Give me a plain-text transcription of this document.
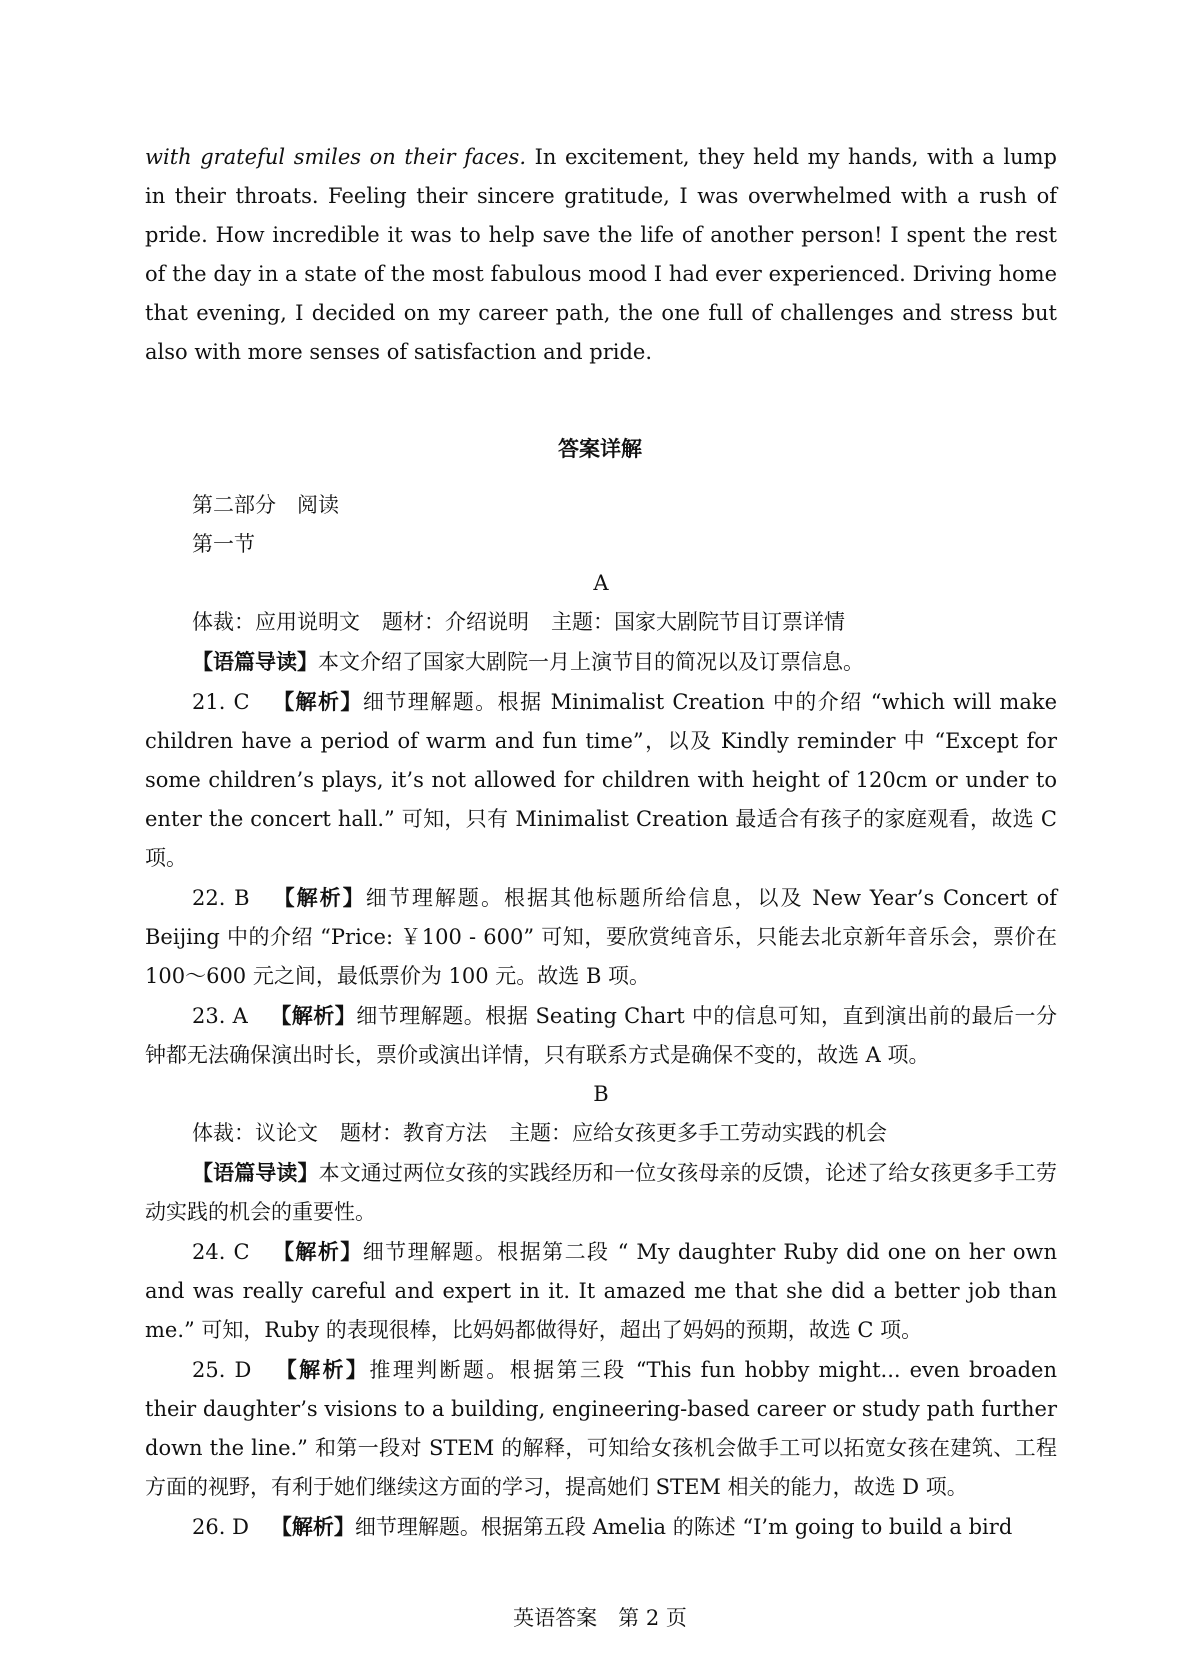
with grateful smiles on their faces. In excitement, they held my hands, with a lump in their throats. Feeling their sincere gratitude, I was overwhelmed with a rush of pride. How incredible it was to help save the life of another person! I spent the rest of the day in a state of the most fabulous mood I had ever experienced. Driving home that evening, I decided on my career path, the one full of challenges and stress but also with more senses of satisfaction and pride.
答案详解

第二部分　阅读

第一节

A

体裁：应用说明文 题材：介绍说明 主题：国家大剧院节目订票详情

【语篇导读】本文介绍了国家大剧院一月上演节目的简况以及订票信息。

21. C 【解析】细节理解题。根据 Minimalist Creation 中的介绍 “which will make children have a period of warm and fun time”，以及 Kindly reminder 中 “Except for some children’s plays, it’s not allowed for children with height of 120cm or under to enter the concert hall.” 可知，只有 Minimalist Creation 最适合有孩子的家庭观看，故选 C 项。

22. B 【解析】细节理解题。根据其他标题所给信息，以及 New Year’s Concert of Beijing 中的介绍 “Price: ￥100 - 600” 可知，要欣赏纯音乐，只能去北京新年音乐会，票价在 100～600 元之间，最低票价为 100 元。故选 B 项。

23. A 【解析】细节理解题。根据 Seating Chart 中的信息可知，直到演出前的最后一分钟都无法确保演出时长，票价或演出详情，只有联系方式是确保不变的，故选 A 项。

B

体裁：议论文 题材：教育方法 主题：应给女孩更多手工劳动实践的机会

【语篇导读】本文通过两位女孩的实践经历和一位女孩母亲的反馈，论述了给女孩更多手工劳动实践的机会的重要性。

24. C 【解析】细节理解题。根据第二段 “ My daughter Ruby did one on her own and was really careful and expert in it. It amazed me that she did a better job than me.” 可知，Ruby 的表现很棒，比妈妈都做得好，超出了妈妈的预期，故选 C 项。

25. D 【解析】推理判断题。根据第三段 “This fun hobby might... even broaden their daughter’s visions to a building, engineering-based career or study path further down the line.” 和第一段对 STEM 的解释，可知给女孩机会做手工可以拓宽女孩在建筑、工程方面的视野，有利于她们继续这方面的学习，提高她们 STEM 相关的能力，故选 D 项。

26. D 【解析】细节理解题。根据第五段 Amelia 的陈述 “I’m going to build a bird

英语答案　第 2 页
